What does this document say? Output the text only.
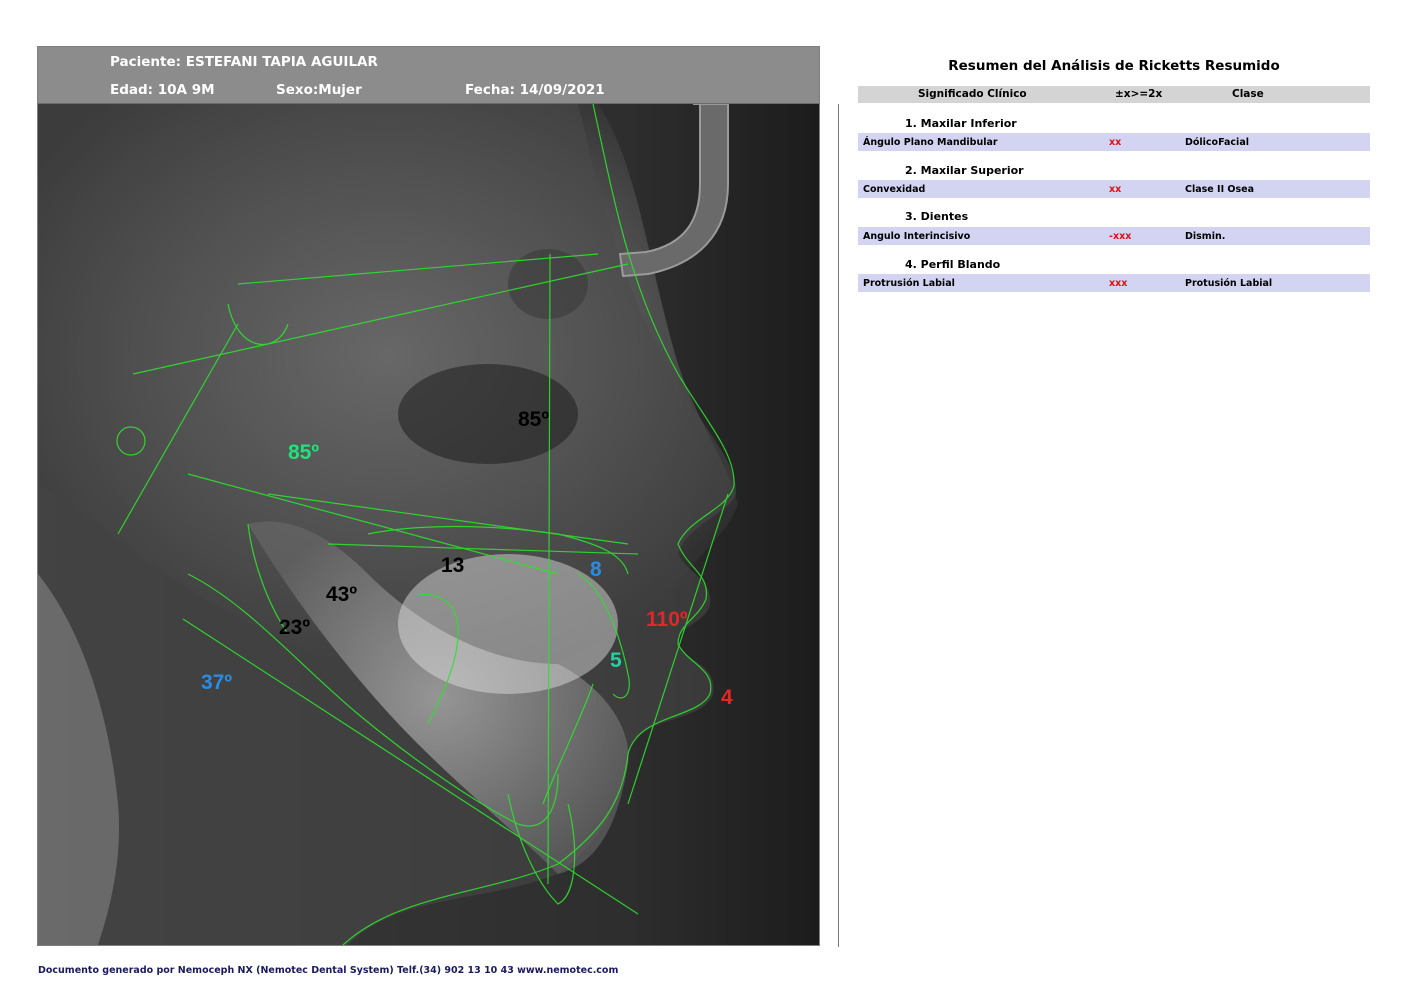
Paciente: ESTEFANI TAPIA AGUILAR
Edad: 10A 9M	Sexo:Mujer	Fecha: 14/09/2021
85º
85º
13	8
43º
110º
23º
5
37º
4
Resumen del Análisis de Ricketts Resumido
Significado Clínico	±x>=2x	Clase
1. Maxilar Inferior
Ángulo Plano Mandibular	xx	DólicoFacial
2. Maxilar Superior
Convexidad	xx	Clase II Osea
3. Dientes
Angulo Interincisivo	-xxx	Dismin.
4. Perfil Blando
Protrusión Labial	xxx	Protusión Labial
Documento generado por Nemoceph NX (Nemotec Dental System) Telf.(34) 902 13 10 43 www.nemotec.com
